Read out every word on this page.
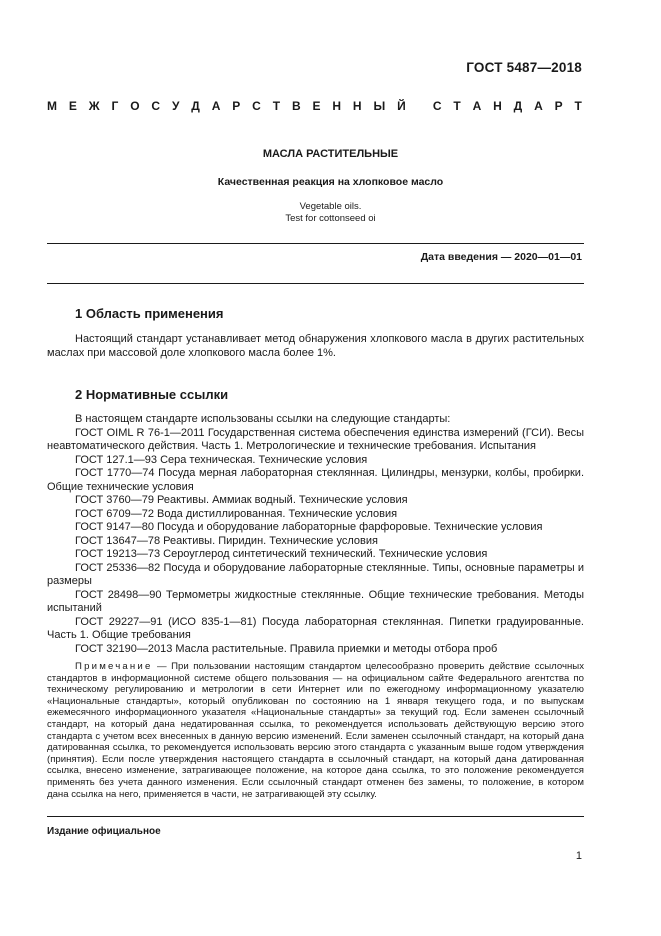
ГОСТ 5487—2018
М Е Ж Г О С У Д А Р С Т В Е Н Н Ы Й
С Т А Н Д А Р Т
МАСЛА РАСТИТЕЛЬНЫЕ
Качественная реакция на хлопковое масло
Vegetable oils.
Test for cottonseed oi
Дата введения — 2020—01—01
1 Область применения
Настоящий стандарт устанавливает метод обнаружения хлопкового масла в других растительных маслах при массовой доле хлопкового масла более 1%.
2 Нормативные ссылки

В настоящем стандарте использованы ссылки на следующие стандарты:

ГОСТ OIML R 76-1—2011 Государственная система обеспечения единства измерений (ГСИ). Весы неавтоматического действия. Часть 1. Метрологические и технические требования. Испытания

ГОСТ 127.1—93 Сера техническая. Технические условия

ГОСТ 1770—74 Посуда мерная лабораторная стеклянная. Цилиндры, мензурки, колбы, пробирки. Общие технические условия

ГОСТ 3760—79 Реактивы. Аммиак водный. Технические условия

ГОСТ 6709—72 Вода дистиллированная. Технические условия

ГОСТ 9147—80 Посуда и оборудование лабораторные фарфоровые. Технические условия

ГОСТ 13647—78 Реактивы. Пиридин. Технические условия

ГОСТ 19213—73 Сероуглерод синтетический технический. Технические условия

ГОСТ 25336—82 Посуда и оборудование лабораторные стеклянные. Типы, основные параметры и размеры

ГОСТ 28498—90 Термометры жидкостные стеклянные. Общие технические требования. Методы испытаний

ГОСТ 29227—91 (ИСО 835-1—81) Посуда лабораторная стеклянная. Пипетки градуированные. Часть 1. Общие требования

ГОСТ 32190—2013 Масла растительные. Правила приемки и методы отбора проб

Примечание — При пользовании настоящим стандартом целесообразно проверить действие ссылочных стандартов в информационной системе общего пользования — на официальном сайте Федерального агентства по техническому регулированию и метрологии в сети Интернет или по ежегодному информационному указателю «Национальные стандарты», который опубликован по состоянию на 1 января текущего года, и по выпускам ежемесячного информационного указателя «Национальные стандарты» за текущий год. Если заменен ссылочный стандарт, на который дана недатированная ссылка, то рекомендуется использовать действующую версию этого стандарта с учетом всех внесенных в данную версию изменений. Если заменен ссылочный стандарт, на который дана датированная ссылка, то рекомендуется использовать версию этого стандарта с указанным выше годом утверждения (принятия). Если после утверждения настоящего стандарта в ссылочный стандарт, на который дана датированная ссылка, внесено изменение, затрагивающее положение, на которое дана ссылка, то это положение рекомендуется применять без учета данного изменения. Если ссылочный стандарт отменен без замены, то положение, в котором дана ссылка на него, применяется в части, не затрагивающей эту ссылку.

Издание официальное
1
